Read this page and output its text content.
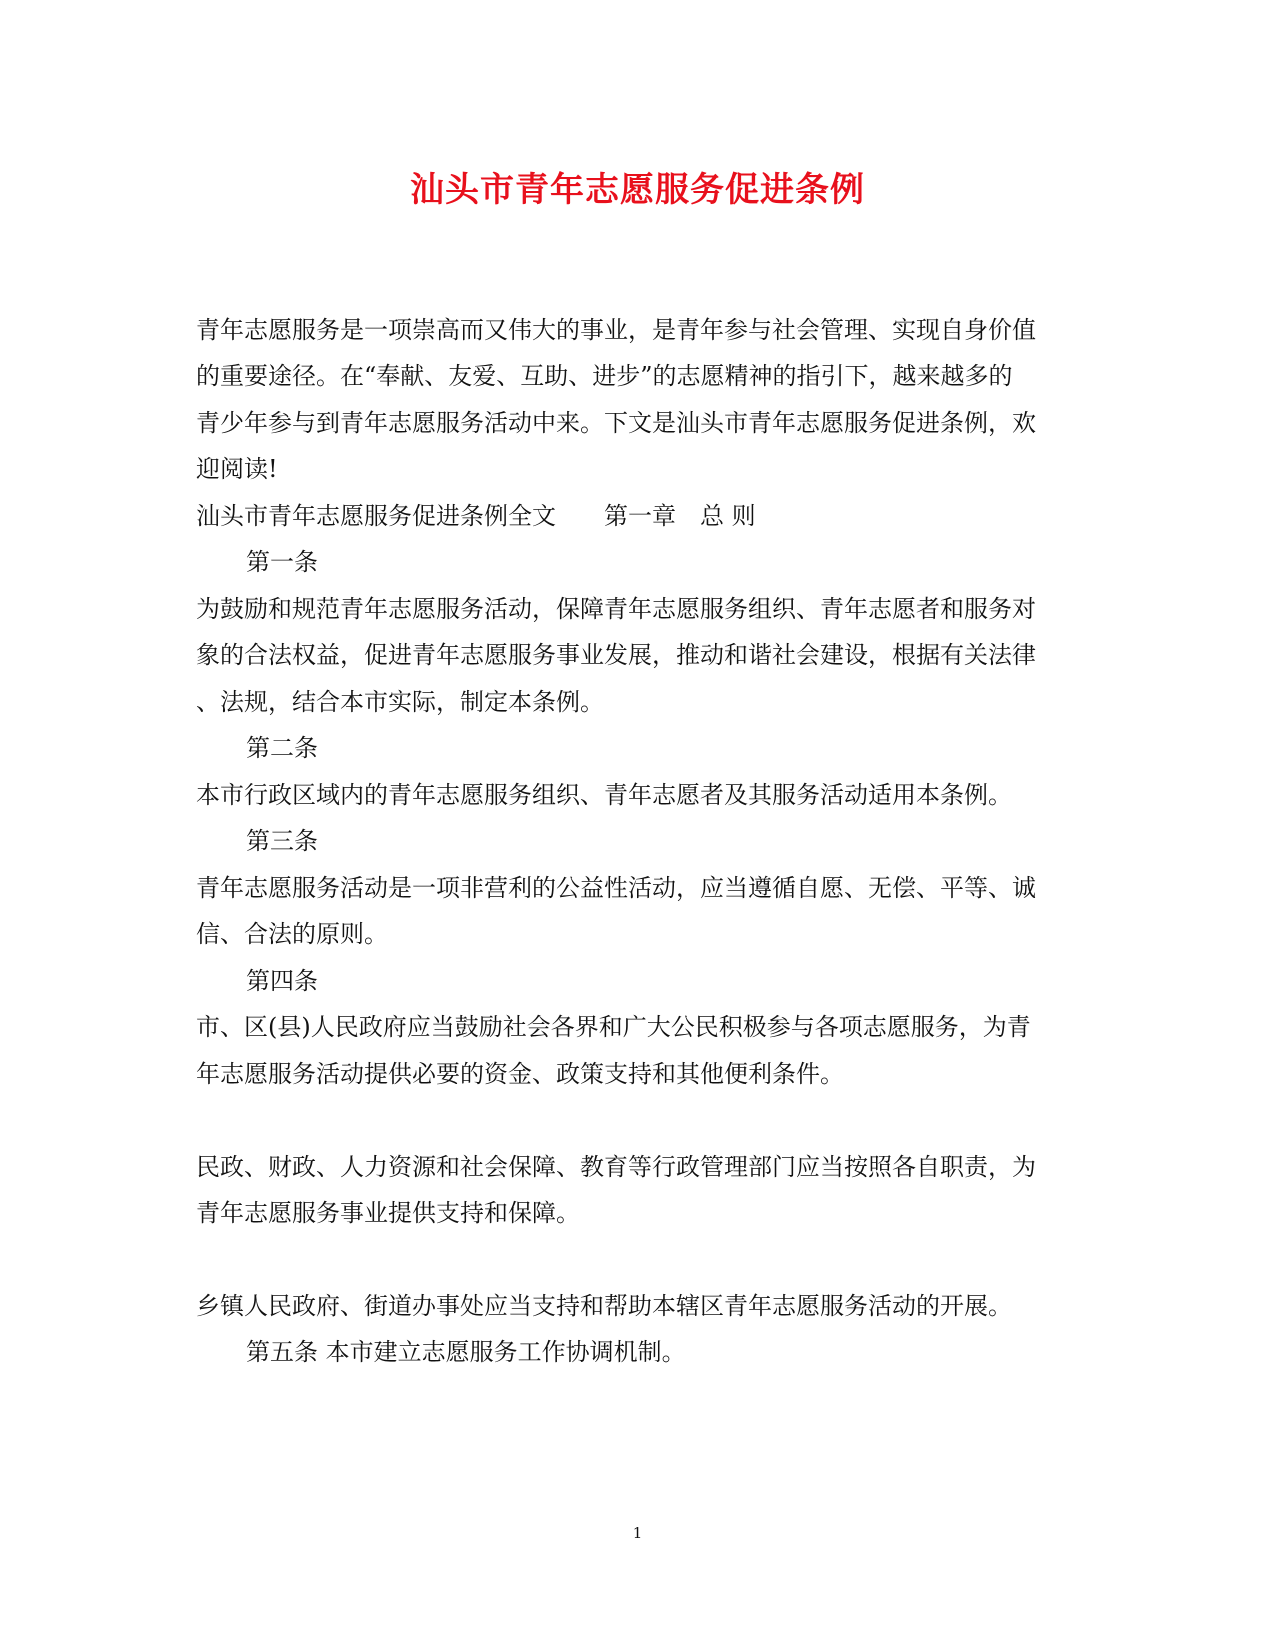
汕头市青年志愿服务促进条例

青年志愿服务是一项崇高而又伟大的事业，是青年参与社会管理、实现自身价值

的重要途径。在“奉献、友爱、互助、进步”的志愿精神的指引下，越来越多的

青少年参与到青年志愿服务活动中来。下文是汕头市青年志愿服务促进条例，欢

迎阅读!

汕头市青年志愿服务促进条例全文　　第一章　总 则

第一条

为鼓励和规范青年志愿服务活动，保障青年志愿服务组织、青年志愿者和服务对

象的合法权益，促进青年志愿服务事业发展，推动和谐社会建设，根据有关法律

、法规，结合本市实际，制定本条例。

第二条

本市行政区域内的青年志愿服务组织、青年志愿者及其服务活动适用本条例。

第三条

青年志愿服务活动是一项非营利的公益性活动，应当遵循自愿、无偿、平等、诚

信、合法的原则。

第四条

市、区(县)人民政府应当鼓励社会各界和广大公民积极参与各项志愿服务，为青

年志愿服务活动提供必要的资金、政策支持和其他便利条件。

民政、财政、人力资源和社会保障、教育等行政管理部门应当按照各自职责，为

青年志愿服务事业提供支持和保障。

乡镇人民政府、街道办事处应当支持和帮助本辖区青年志愿服务活动的开展。

第五条 本市建立志愿服务工作协调机制。

1
